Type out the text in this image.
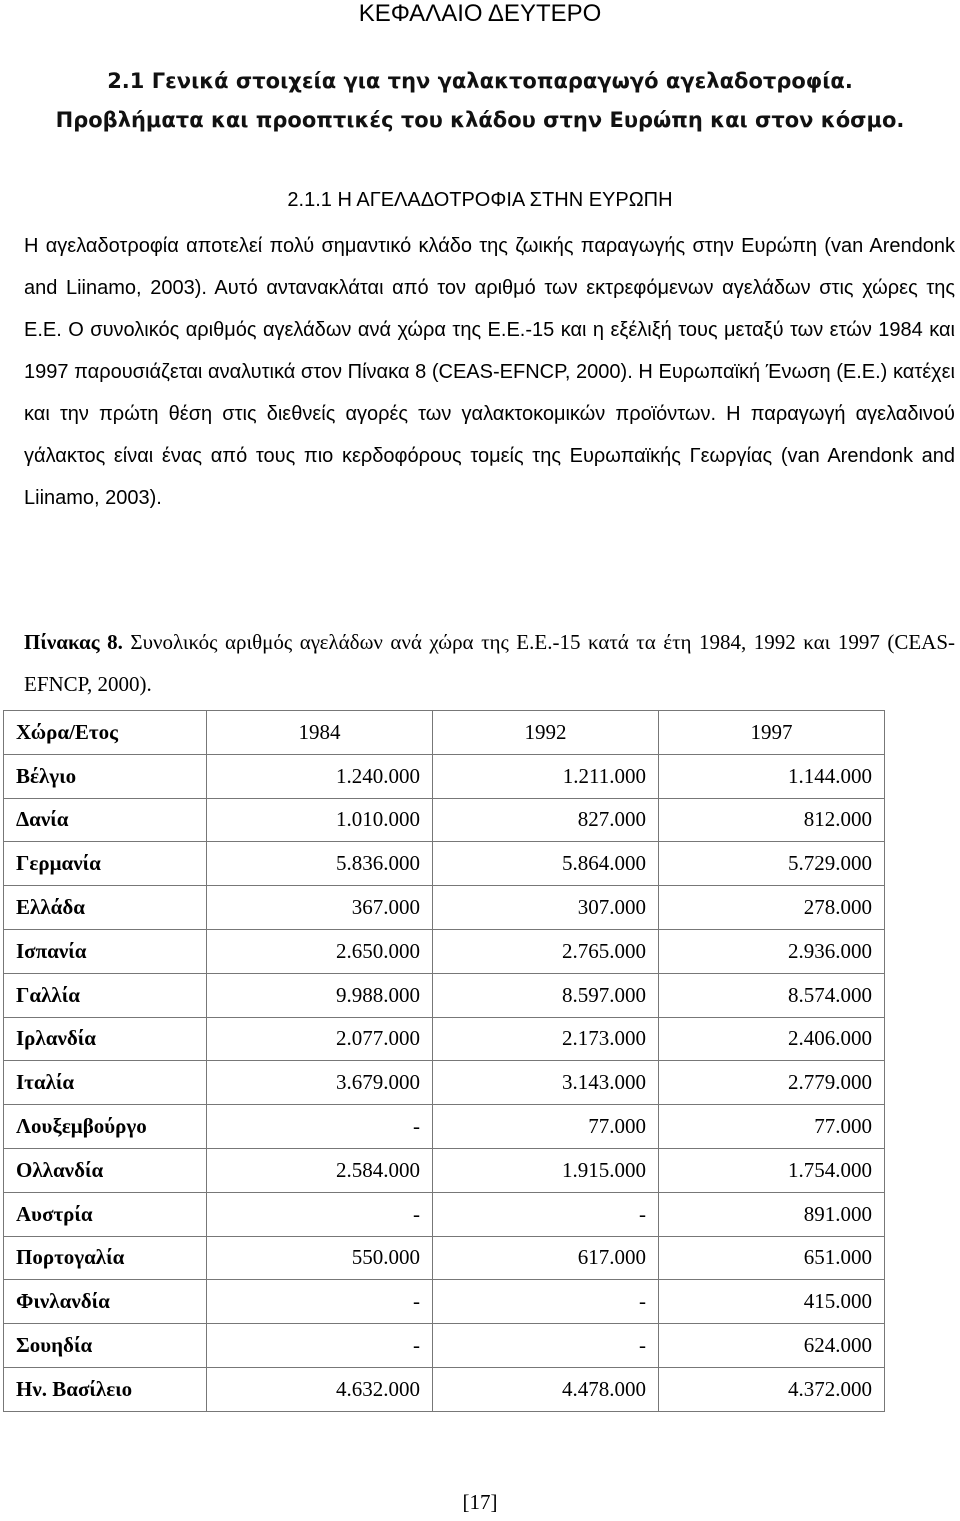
ΚΕΦΑΛΑΙΟ ΔΕΥΤΕΡΟ
2.1 Γενικά στοιχεία για την γαλακτοπαραγωγό αγελαδοτροφία.
Προβλήματα και προοπτικές του κλάδου στην Ευρώπη και στον κόσμο.
2.1.1 Η ΑΓΕΛΑΔΟΤΡΟΦΙΑ ΣΤΗΝ ΕΥΡΩΠΗ

Η αγελαδοτροφία αποτελεί πολύ σημαντικό κλάδο της ζωικής παραγωγής στην Ευρώπη (van Arendonk and Liinamo, 2003). Αυτό αντανακλάται από τον αριθμό των εκτρεφόμενων αγελάδων στις χώρες της Ε.Ε. Ο συνολικός αριθμός αγελάδων ανά χώρα της Ε.Ε.-15 και η εξέλιξή τους μεταξύ των ετών 1984 και 1997 παρουσιάζεται αναλυτικά στον Πίνακα 8 (CEAS-EFNCP, 2000). Η Ευρωπαϊκή Ένωση (Ε.Ε.) κατέχει και την πρώτη θέση στις διεθνείς αγορές των γαλακτοκομικών προϊόντων. Η παραγωγή αγελαδινού γάλακτος είναι ένας από τους πιο κερδοφόρους τομείς της Ευρωπαϊκής Γεωργίας (van Arendonk and Liinamo, 2003).

Πίνακας 8. Συνολικός αριθμός αγελάδων ανά χώρα της Ε.Ε.-15 κατά τα έτη 1984, 1992 και 1997 (CEAS-EFNCP, 2000).

Χώρα/Ετος	1984	1992	1997
Βέλγιο	1.240.000	1.211.000	1.144.000
Δανία	1.010.000	827.000	812.000
Γερμανία	5.836.000	5.864.000	5.729.000
Ελλάδα	367.000	307.000	278.000
Ισπανία	2.650.000	2.765.000	2.936.000
Γαλλία	9.988.000	8.597.000	8.574.000
Ιρλανδία	2.077.000	2.173.000	2.406.000
Ιταλία	3.679.000	3.143.000	2.779.000
Λουξεμβούργο	-	77.000	77.000
Ολλανδία	2.584.000	1.915.000	1.754.000
Αυστρία	-	-	891.000
Πορτογαλία	550.000	617.000	651.000
Φινλανδία	-	-	415.000
Σουηδία	-	-	624.000
Ην. Βασίλειο	4.632.000	4.478.000	4.372.000
[17]
